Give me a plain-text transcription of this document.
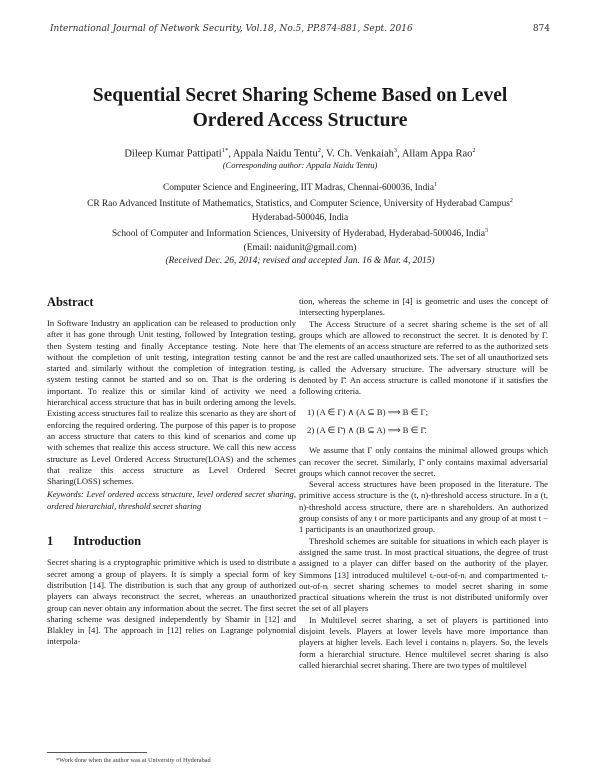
International Journal of Network Security, Vol.18, No.5, PP.874-881, Sept. 2016	874
Sequential Secret Sharing Scheme Based on Level
Ordered Access Structure
Dileep Kumar Pattipati$^{1*}$, Appala Naidu Tentu$^2$, V. Ch. Venkaiah$^3$, Allam Appa Rao$^2$
(Corresponding author: Appala Naidu Tentu)
Computer Science and Engineering, IIT Madras, Chennai-600036, India$^1$
CR Rao Advanced Institute of Mathematics, Statistics, and Computer Science, University of Hyderabad Campus$^2$
Hyderabad-500046, India
School of Computer and Information Sciences, University of Hyderabad, Hyderabad-500046, India$^3$
(Email: naidunit@gmail.com)
(Received Dec. 26, 2014; revised and accepted Jan. 16 & Mar. 4, 2015)
Abstract

In Software Industry an application can be released to production only after it has gone through Unit testing, followed by Integration testing, then System testing and finally Acceptance testing. Note here that without the completion of unit testing, integration testing cannot be started and similarly without the completion of integration testing, system testing cannot be started and so on. That is the ordering is important. To realize this or similar kind of activity we need a hierarchical access structure that has in built ordering among the levels. Existing access structures fail to realize this scenario as they are short of enforcing the required ordering. The purpose of this paper is to propose an access structure that caters to this kind of scenarios and come up with schemes that realize this access structure. We call this new access structure as Level Ordered Access Structure(LOAS) and the schemes that realize this access structure as Level Ordered Secret Sharing(LOSS) schemes.

Keywords: Level ordered access structure, level ordered secret sharing, ordered hierarchial, threshold secret sharing

1 Introduction

Secret sharing is a cryptographic primitive which is used to distribute a secret among a group of players. It is simply a special form of key distribution [14]. The distribution is such that any group of authorized players can always reconstruct the secret, whereas an unauthorized group can never obtain any information about the secret. The first secret sharing scheme was designed independently by Shamir in [12] and Blakley in [4]. The approach in [12] relies on Lagrange polynomial interpola-

tion, whereas the scheme in [4] is geometric and uses the concept of intersecting hyperplanes.

The Access Structure of a secret sharing scheme is the set of all groups which are allowed to reconstruct the secret. It is denoted by Γ. The elements of an access structure are referred to as the authorized sets and the rest are called unauthorized sets. The set of all unauthorized sets is called the Adversary structure. The adversary structure will be denoted by Γ̄. An access structure is called monotone if it satisfies the following criteria.

1) (A ∈ Γ) ∧ (A ⊆ B) ⟹ B ∈ Γ;
2) (A ∈ Γ̄) ∧ (B ⊆ A) ⟹ B ∈ Γ̄.

We assume that Γ only contains the minimal allowed groups which can recover the secret. Similarly, Γ̄ only contains maximal adversarial groups which cannot recover the secret.

Several access structures have been proposed in the literature. The primitive access structure is the (t, n)-threshold access structure. In a (t, n)-threshold access structure, there are n shareholders. An authorized group consists of any t or more participants and any group of at most t − 1 participants is an unauthorized group.

Threshold schemes are suitable for situations in which each player is assigned the same trust. In most practical situations, the degree of trust assigned to a player can differ based on the authority of the player. Simmons [13] introduced multilevel tᵢ-out-of-nᵢ and compartmented tᵢ-out-of-nᵢ secret sharing schemes to model secret sharing in some practical situations wherein the trust is not distributed uniformly over the set of all players

In Multilevel secret sharing, a set of players is partitioned into disjoint levels. Players at lower levels have more importance than players at higher levels. Each level i contains nᵢ players. So, the levels form a hierarchial structure. Hence multilevel secret sharing is also called hierarchial secret sharing. There are two types of multilevel

*Work done when the author was at University of Hyderabad
